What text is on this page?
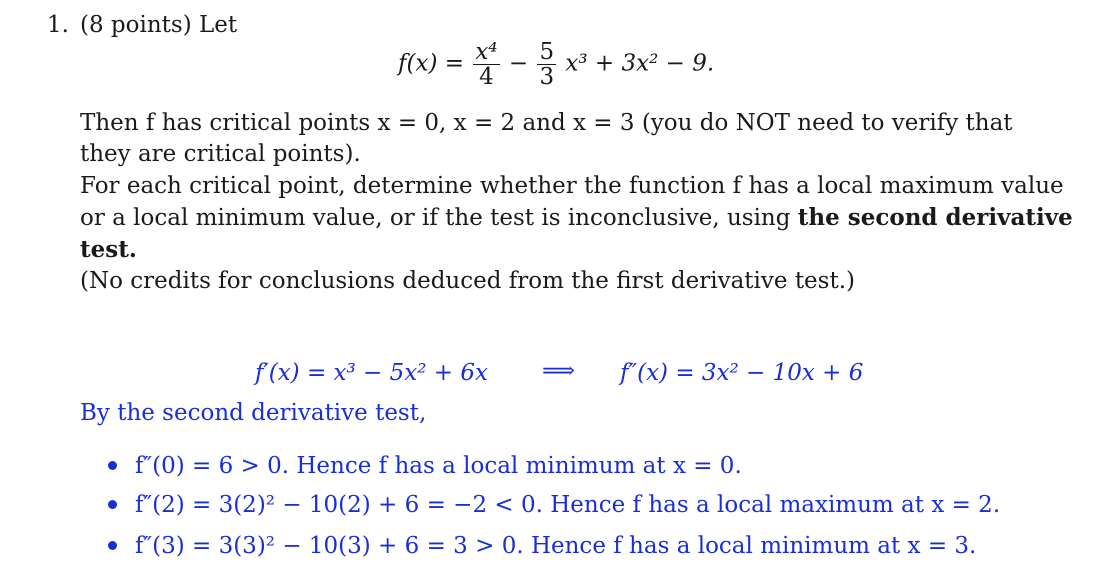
1. (8 points) Let
$f(x) = \frac{\text{x⁴}}{4} - \frac{5}{3} x^3 + 3x^2 - 9$.
Then f has critical points x = 0, x = 2 and x = 3 (you do NOT need to verify that
they are critical points).
For each critical point, determine whether the function f has a local maximum value
or a local minimum value, or if the test is inconclusive, using the second derivative
test.
(No credits for conclusions deduced from the first derivative test.)
f′(x) = x³ − 5x² + 6x ⟹ f″(x) = 3x² − 10x + 6
By the second derivative test,
f″(0) = 6 > 0. Hence f has a local minimum at x = 0.
f″(2) = 3(2)² − 10(2) + 6 = −2 < 0. Hence f has a local maximum at x = 2.
f″(3) = 3(3)² − 10(3) + 6 = 3 > 0. Hence f has a local minimum at x = 3.
